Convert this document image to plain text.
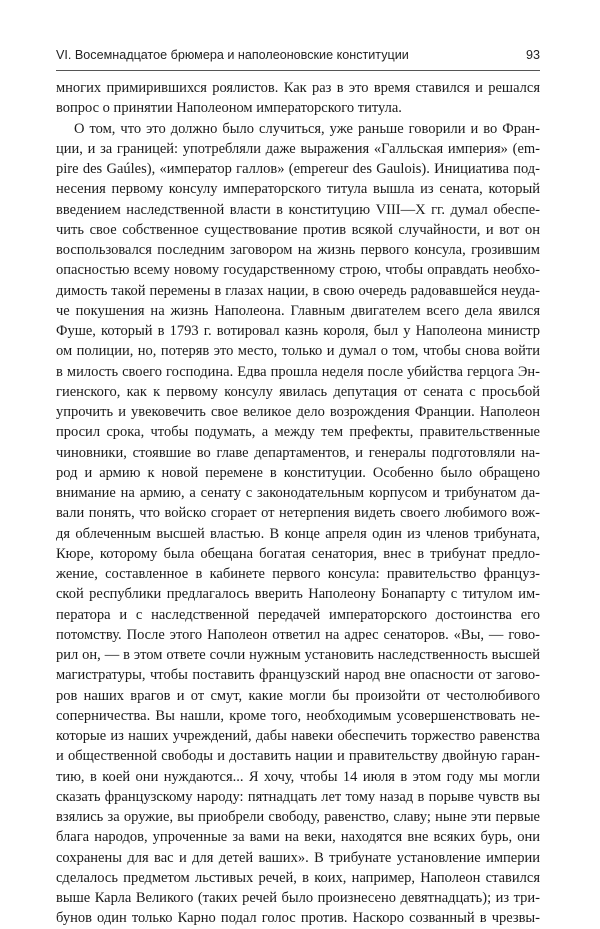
VI. Восемнадцатое брюмера и наполеоновские конституции	93
многих примирившихся роялистов. Как раз в это время ставился и решался
вопрос о принятии Наполеоном императорского титула.
О том, что это должно было случиться, уже раньше говорили и во Фран-
ции, и за границей: употребляли даже выражения «Галльская империя» (em-
pire des Gaúles), «император галлов» (empereur des Gaulois). Инициатива под-
несения первому консулу императорского титула вышла из сената, который
введением наследственной власти в конституцию VIII—X гг. думал обеспе-
чить свое собственное существование против всякой случайности, и вот он
воспользовался последним заговором на жизнь первого консула, грозившим
опасностью всему новому государственному строю, чтобы оправдать необхо-
димость такой перемены в глазах нации, в свою очередь радовавшейся неуда-
че покушения на жизнь Наполеона. Главным двигателем всего дела явился
Фуше, который в 1793 г. вотировал казнь короля, был у Наполеона министр
ом полиции, но, потеряв это место, только и думал о том, чтобы снова войти
в милость своего господина. Едва прошла неделя после убийства герцога Эн-
гиенского, как к первому консулу явилась депутация от сената с просьбой
упрочить и увековечить свое великое дело возрождения Франции. Наполеон
просил срока, чтобы подумать, а между тем префекты, правительственные
чиновники, стоявшие во главе департаментов, и генералы подготовляли на-
род и армию к новой перемене в конституции. Особенно было обращено
внимание на армию, а сенату с законодательным корпусом и трибунатом да-
вали понять, что войско сгорает от нетерпения видеть своего любимого вож-
дя облеченным высшей властью. В конце апреля один из членов трибуната,
Кюре, которому была обещана богатая сенатория, внес в трибунат предло-
жение, составленное в кабинете первого консула: правительство француз-
ской республики предлагалось вверить Наполеону Бонапарту с титулом им-
ператора и с наследственной передачей императорского достоинства его
потомству. После этого Наполеон ответил на адрес сенаторов. «Вы, — гово-
рил он, — в этом ответе сочли нужным установить наследственность высшей
магистратуры, чтобы поставить французский народ вне опасности от загово-
ров наших врагов и от смут, какие могли бы произойти от честолюбивого
соперничества. Вы нашли, кроме того, необходимым усовершенствовать не-
которые из наших учреждений, дабы навеки обеспечить торжество равенства
и общественной свободы и доставить нации и правительству двойную гаран-
тию, в коей они нуждаются... Я хочу, чтобы 14 июля в этом году мы могли
сказать французскому народу: пятнадцать лет тому назад в порыве чувств вы
взялись за оружие, вы приобрели свободу, равенство, славу; ныне эти первые
блага народов, упроченные за вами на веки, находятся вне всяких бурь, они
сохранены для вас и для детей ваших». В трибунате установление империи
сделалось предметом льстивых речей, в коих, например, Наполеон ставился
выше Карла Великого (таких речей было произнесено девятнадцать); из три-
бунов один только Карно подал голос против. Наскоро созванный в чрезвы-
